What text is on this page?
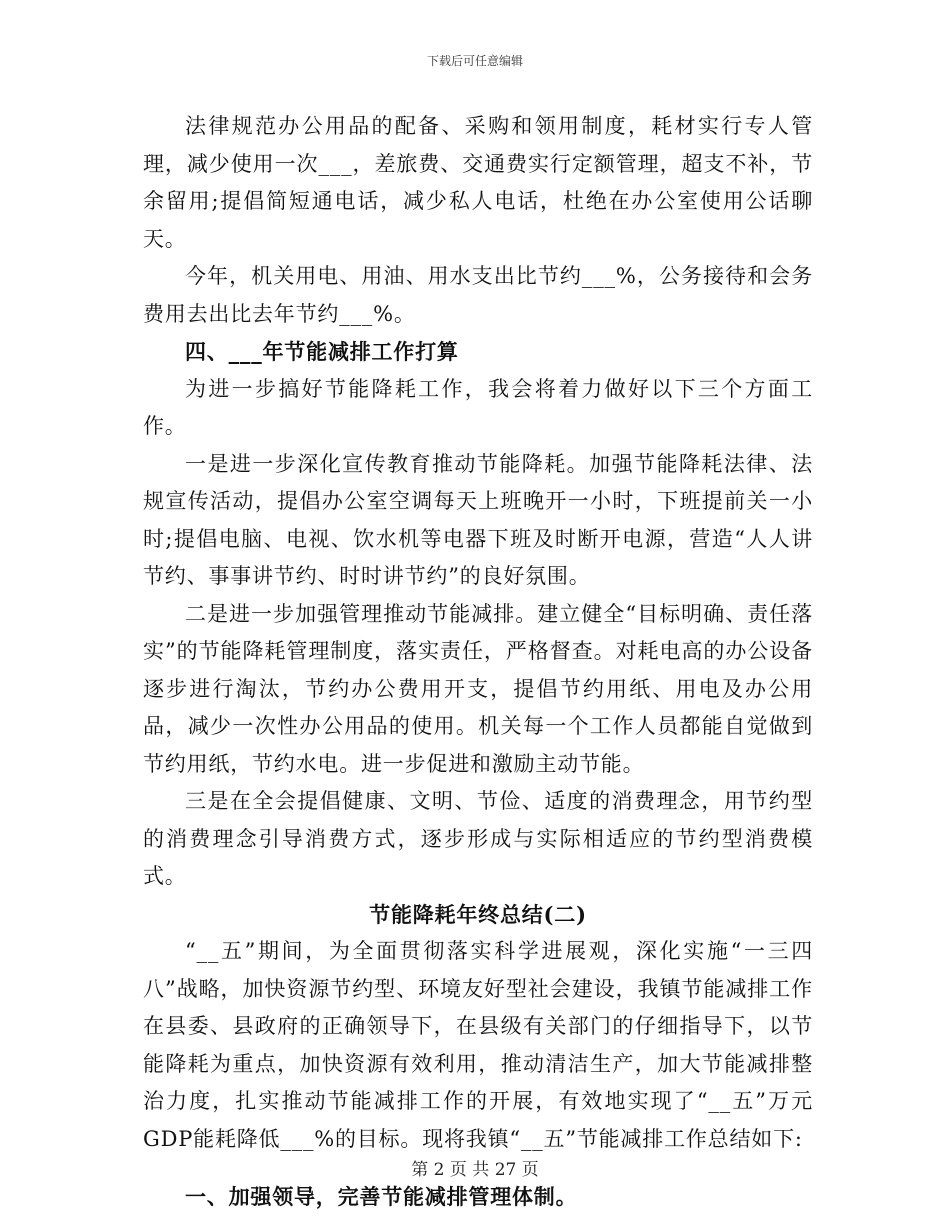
下载后可任意编辑

法律规范办公用品的配备、采购和领用制度，耗材实行专人管理，减少使用一次___，差旅费、交通费实行定额管理，超支不补，节余留用;提倡简短通电话，减少私人电话，杜绝在办公室使用公话聊天。

今年，机关用电、用油、用水支出比节约___%，公务接待和会务费用去出比去年节约___%。

四、___年节能减排工作打算

为进一步搞好节能降耗工作，我会将着力做好以下三个方面工作。

一是进一步深化宣传教育推动节能降耗。加强节能降耗法律、法规宣传活动，提倡办公室空调每天上班晚开一小时，下班提前关一小时;提倡电脑、电视、饮水机等电器下班及时断开电源，营造“人人讲节约、事事讲节约、时时讲节约”的良好氛围。

二是进一步加强管理推动节能减排。建立健全“目标明确、责任落实”的节能降耗管理制度，落实责任，严格督查。对耗电高的办公设备逐步进行淘汰，节约办公费用开支，提倡节约用纸、用电及办公用品，减少一次性办公用品的使用。机关每一个工作人员都能自觉做到节约用纸，节约水电。进一步促进和激励主动节能。

三是在全会提倡健康、文明、节俭、适度的消费理念，用节约型的消费理念引导消费方式，逐步形成与实际相适应的节约型消费模式。

节能降耗年终总结(二)

“__五”期间，为全面贯彻落实科学进展观，深化实施“一三四八”战略，加快资源节约型、环境友好型社会建设，我镇节能减排工作在县委、县政府的正确领导下，在县级有关部门的仔细指导下，以节能降耗为重点，加快资源有效利用，推动清洁生产，加大节能减排整治力度，扎实推动节能减排工作的开展，有效地实现了“__五”万元GDP能耗降低___%的目标。现将我镇“__五”节能减排工作总结如下:

一、加强领导，完善节能减排管理体制。

第 2 页 共 27 页
